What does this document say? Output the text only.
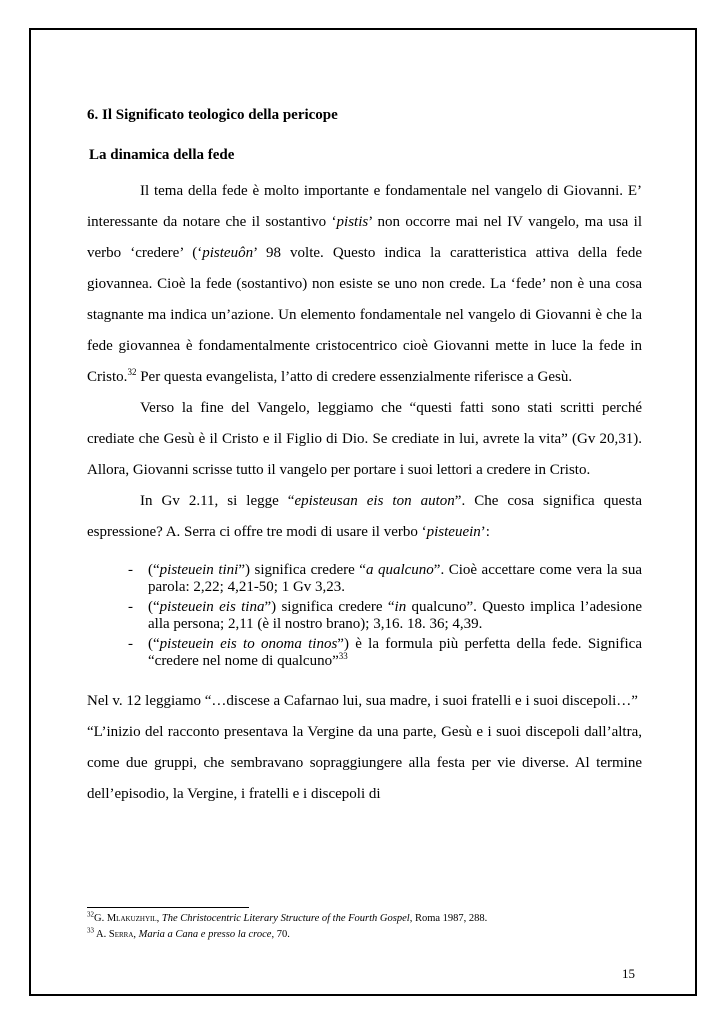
6. Il Significato teologico della pericope
La dinamica della fede

Il tema della fede è molto importante e fondamentale nel vangelo di Giovanni. E’ interessante da notare che il sostantivo ‘pistis’ non occorre mai nel IV vangelo, ma usa il verbo ‘credere’ (‘pisteuôn’ 98 volte. Questo indica la caratteristica attiva della fede giovannea. Cioè la fede (sostantivo) non esiste se uno non crede. La ‘fede’ non è una cosa stagnante ma indica un’azione. Un elemento fondamentale nel vangelo di Giovanni è che la fede giovannea è fondamentalmente cristocentrico cioè Giovanni mette in luce la fede in Cristo.$^{32}$ Per questa evangelista, l’atto di credere essenzialmente riferisce a Gesù.

Verso la fine del Vangelo, leggiamo che “questi fatti sono stati scritti perché crediate che Gesù è il Cristo e il Figlio di Dio. Se crediate in lui, avrete la vita” (Gv 20,31). Allora, Giovanni scrisse tutto il vangelo per portare i suoi lettori a credere in Cristo.

In Gv 2.11, si legge “episteusan eis ton auton”. Che cosa significa questa espressione? A. Serra ci offre tre modi di usare il verbo ‘pisteuein’:

- (“pisteuein tini”) significa credere “a qualcuno”. Cioè accettare come vera la sua parola: 2,22; 4,21-50; 1 Gv 3,23.
- (“pisteuein eis tina”) significa credere “in qualcuno”. Questo implica l’adesione alla persona; 2,11 (è il nostro brano); 3,16. 18. 36; 4,39.
- (“pisteuein eis to onoma tinos”) è la formula più perfetta della fede. Significa “credere nel nome di qualcuno”$^{33}$

Nel v. 12 leggiamo “…discese a Cafarnao lui, sua madre, i suoi fratelli e i suoi discepoli…”

“L’inizio del racconto presentava la Vergine da una parte, Gesù e i suoi discepoli dall’altra, come due gruppi, che sembravano sopraggiungere alla festa per vie diverse. Al termine dell’episodio, la Vergine, i fratelli e i discepoli di

$^{32}$G. Mlakuzhyil, The Christocentric Literary Structure of the Fourth Gospel, Roma 1987, 288.
$^{33}$ A. Serra, Maria a Cana e presso la croce, 70.
15
